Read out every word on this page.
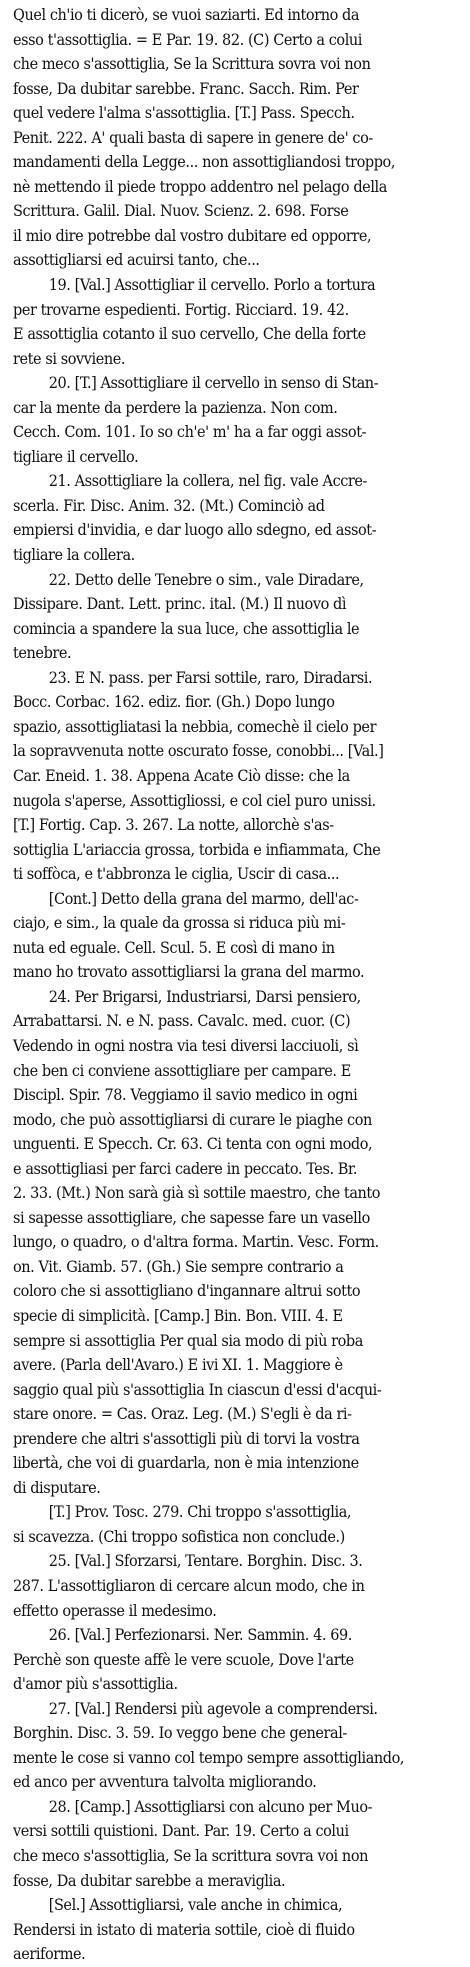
Quel ch'io ti dicerò, se vuoi saziarti. Ed intorno da
esso t'assottiglia. = E Par. 19. 82. (C) Certo a colui
che meco s'assottiglia, Se la Scrittura sovra voi non
fosse, Da dubitar sarebbe. Franc. Sacch. Rim. Per
quel vedere l'alma s'assottiglia. [T.] Pass. Specch.
Penit. 222. A' quali basta di sapere in genere de' co-
mandamenti della Legge... non assottigliandosi troppo,
nè mettendo il piede troppo addentro nel pelago della
Scrittura. Galil. Dial. Nuov. Scienz. 2. 698. Forse
il mio dire potrebbe dal vostro dubitare ed opporre,
assottigliarsi ed acuirsi tanto, che...
19. [Val.] Assottigliar il cervello. Porlo a tortura
per trovarne espedienti. Fortig. Ricciard. 19. 42.
E assottiglia cotanto il suo cervello, Che della forte
rete si sovviene.
20. [T.] Assottigliare il cervello in senso di Stan-
car la mente da perdere la pazienza. Non com.
Cecch. Com. 101. Io so ch'e' m' ha a far oggi assot-
tigliare il cervello.
21. Assottigliare la collera, nel fig. vale Accre-
scerla. Fir. Disc. Anim. 32. (Mt.) Cominciò ad
empiersi d'invidia, e dar luogo allo sdegno, ed assot-
tigliare la collera.
22. Detto delle Tenebre o sim., vale Diradare,
Dissipare. Dant. Lett. princ. ital. (M.) Il nuovo dì
comincia a spandere la sua luce, che assottiglia le
tenebre.
23. E N. pass. per Farsi sottile, raro, Diradarsi.
Bocc. Corbac. 162. ediz. fior. (Gh.) Dopo lungo
spazio, assottigliatasi la nebbia, comechè il cielo per
la sopravvenuta notte oscurato fosse, conobbi... [Val.]
Car. Eneid. 1. 38. Appena Acate Ciò disse: che la
nugola s'aperse, Assottigliossi, e col ciel puro unissi.
[T.] Fortig. Cap. 3. 267. La notte, allorchè s'as-
sottiglia L'ariaccia grossa, torbida e infiammata, Che
ti soffòca, e t'abbronza le ciglia, Uscir di casa...
[Cont.] Detto della grana del marmo, dell'ac-
ciajo, e sim., la quale da grossa si riduca più mi-
nuta ed eguale. Cell. Scul. 5. E così di mano in
mano ho trovato assottigliarsi la grana del marmo.
24. Per Brigarsi, Industriarsi, Darsi pensiero,
Arrabattarsi. N. e N. pass. Cavalc. med. cuor. (C)
Vedendo in ogni nostra via tesi diversi lacciuoli, sì
che ben ci conviene assottigliare per campare. E
Discipl. Spir. 78. Veggiamo il savio medico in ogni
modo, che può assottigliarsi di curare le piaghe con
unguenti. E Specch. Cr. 63. Ci tenta con ogni modo,
e assottigliasi per farci cadere in peccato. Tes. Br.
2. 33. (Mt.) Non sarà già sì sottile maestro, che tanto
si sapesse assottigliare, che sapesse fare un vasello
lungo, o quadro, o d'altra forma. Martin. Vesc. Form.
on. Vit. Giamb. 57. (Gh.) Sie sempre contrario a
coloro che si assottigliano d'ingannare altrui sotto
specie di simplicità. [Camp.] Bin. Bon. VIII. 4. E
sempre si assottiglia Per qual sia modo di più roba
avere. (Parla dell'Avaro.) E ivi XI. 1. Maggiore è
saggio qual più s'assottiglia In ciascun d'essi d'acqui-
stare onore. = Cas. Oraz. Leg. (M.) S'egli è da ri-
prendere che altri s'assottigli più di torvi la vostra
libertà, che voi di guardarla, non è mia intenzione
di disputare.
[T.] Prov. Tosc. 279. Chi troppo s'assottiglia,
si scavezza. (Chi troppo sofistica non conclude.)
25. [Val.] Sforzarsi, Tentare. Borghin. Disc. 3.
287. L'assottigliaron di cercare alcun modo, che in
effetto operasse il medesimo.
26. [Val.] Perfezionarsi. Ner. Sammin. 4. 69.
Perchè son queste affè le vere scuole, Dove l'arte
d'amor più s'assottiglia.
27. [Val.] Rendersi più agevole a comprendersi.
Borghin. Disc. 3. 59. Io veggo bene che general-
mente le cose si vanno col tempo sempre assottigliando,
ed anco per avventura talvolta migliorando.
28. [Camp.] Assottigliarsi con alcuno per Muo-
versi sottili quistioni. Dant. Par. 19. Certo a colui
che meco s'assottiglia, Se la scrittura sovra voi non
fosse, Da dubitar sarebbe a meraviglia.
[Sel.] Assottigliarsi, vale anche in chimica,
Rendersi in istato di materia sottile, cioè di fluido
aeriforme.
